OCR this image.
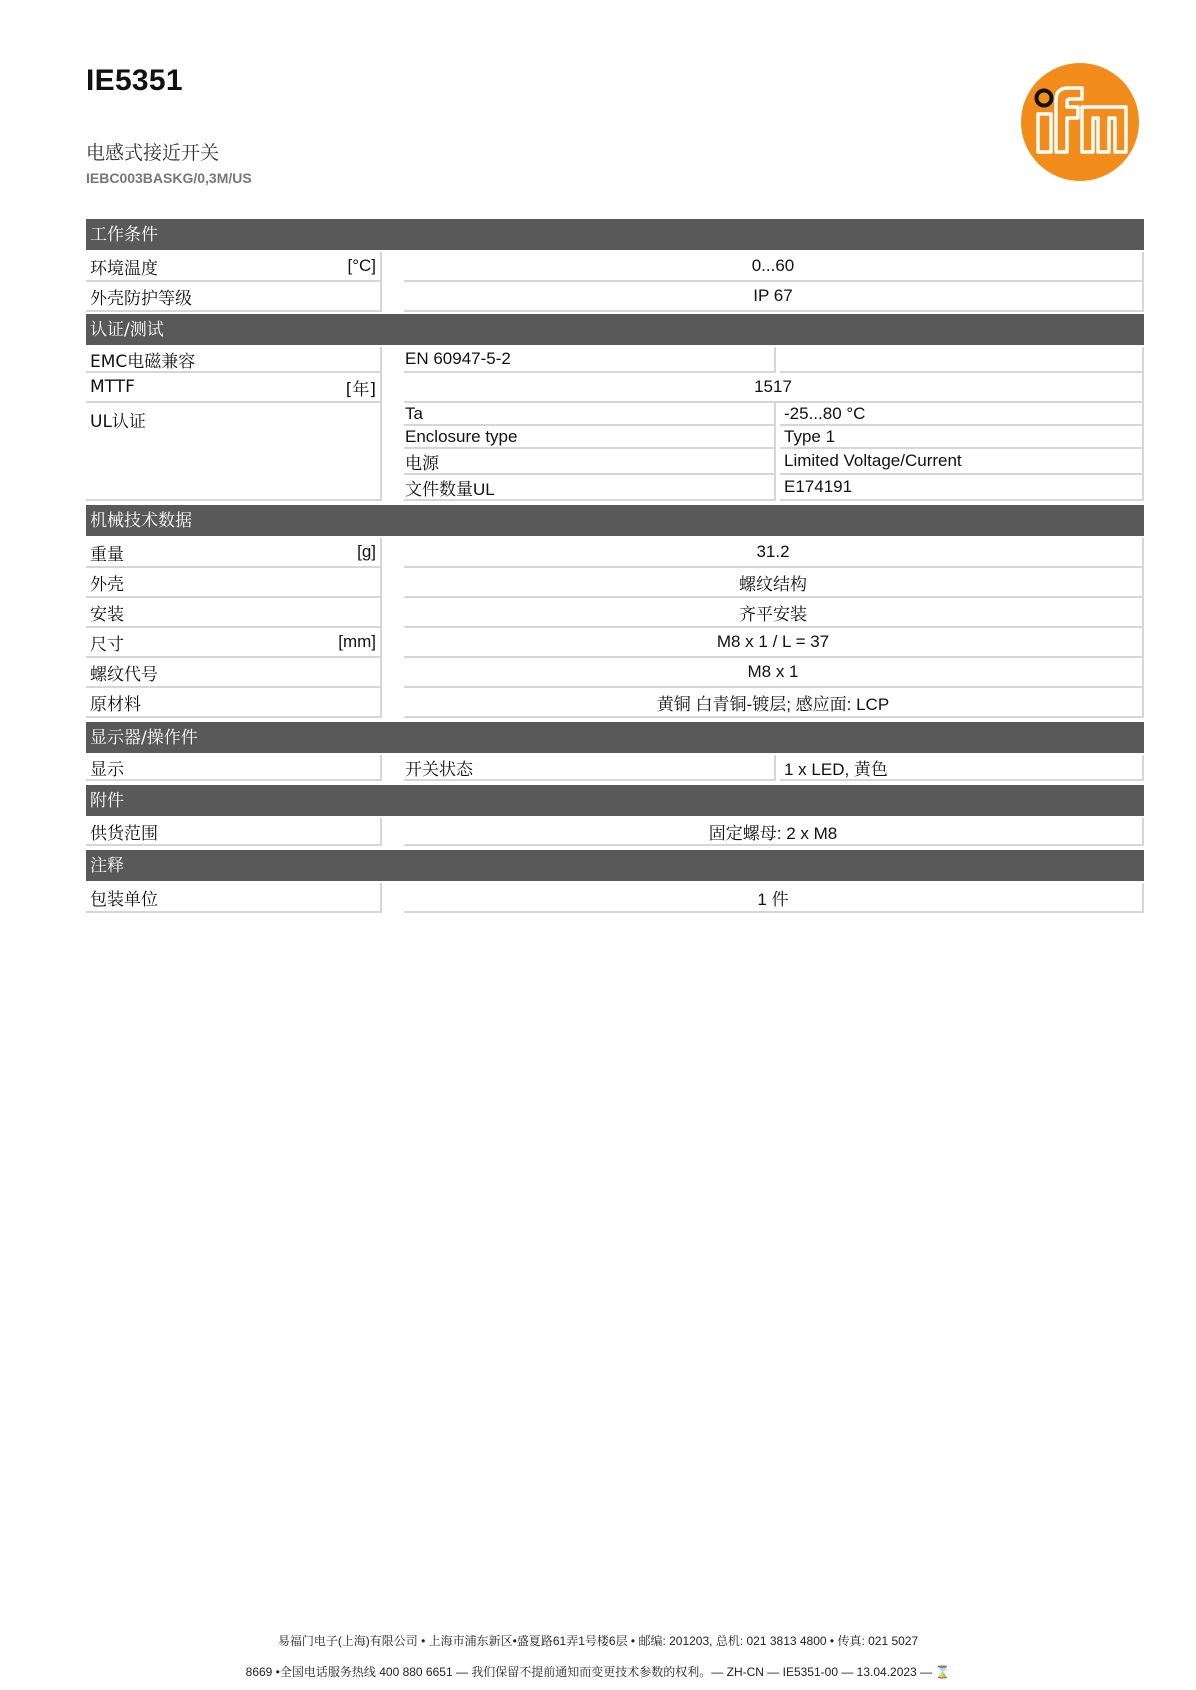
IE5351
电感式接近开关
IEBC003BASKG/0,3M/US
工作条件
环境温度	[°C]	0...60
外壳防护等级	IP 67
认证/测试
EMC电磁兼容	EN 60947-5-2
MTTF	[年]	1517
UL认证	Ta	-25...80 °C
Enclosure type	Type 1
电源	Limited Voltage/Current
文件数量UL	E174191
机械技术数据
重量	[g]	31.2
外壳	螺纹结构
安装	齐平安装
尺寸	[mm]	M8 x 1 / L = 37
螺纹代号	M8 x 1
原材料	黄铜 白青铜-镀层; 感应面: LCP
显示器/操作件
显示	开关状态	1 x LED, 黄色
附件
供货范围	固定螺母: 2 x M8
注释
包装单位	1 件
易福门电子(上海)有限公司 • 上海市浦东新区•盛夏路61弄1号楼6层 • 邮编: 201203, 总机: 021 3813 4800 • 传真: 021 5027
8669 •全国电话服务热线 400 880 6651 — 我们保留不提前通知而变更技术参数的权利。— ZH-CN — IE5351-00 — 13.04.2023 — ⌛
